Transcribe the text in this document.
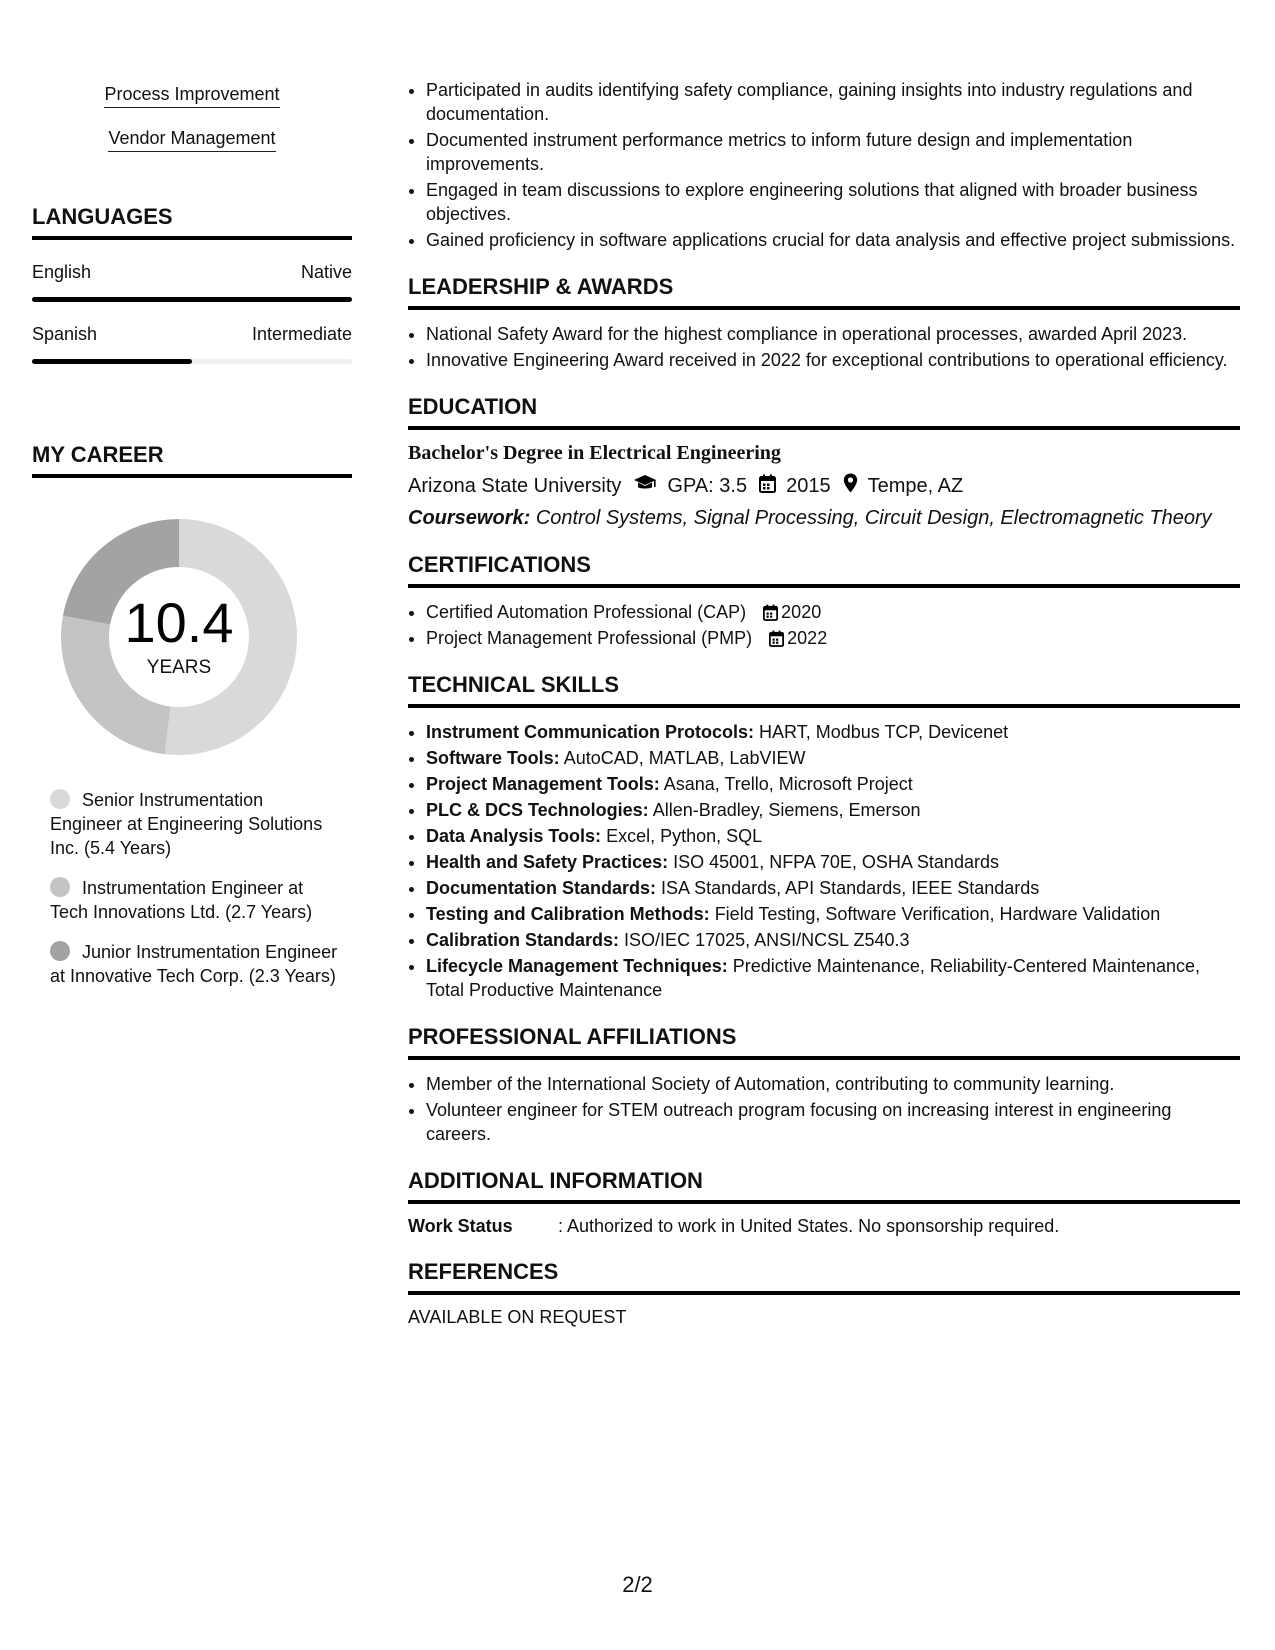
Process Improvement
Vendor Management
LANGUAGES
English	Native
Spanish	Intermediate
MY CAREER
10.4
YEARS
Senior Instrumentation Engineer at Engineering Solutions Inc. (5.4 Years)
Instrumentation Engineer at Tech Innovations Ltd. (2.7 Years)
Junior Instrumentation Engineer at Innovative Tech Corp. (2.3 Years)
• Participated in audits identifying safety compliance, gaining insights into industry regulations and documentation.
• Documented instrument performance metrics to inform future design and implementation improvements.
• Engaged in team discussions to explore engineering solutions that aligned with broader business objectives.
• Gained proficiency in software applications crucial for data analysis and effective project submissions.
LEADERSHIP & AWARDS
• National Safety Award for the highest compliance in operational processes, awarded April 2023.
• Innovative Engineering Award received in 2022 for exceptional contributions to operational efficiency.
EDUCATION
Bachelor's Degree in Electrical Engineering
Arizona State University GPA: 3.5 2015 Tempe, AZ
Coursework: Control Systems, Signal Processing, Circuit Design, Electromagnetic Theory
CERTIFICATIONS
• Certified Automation Professional (CAP) 2020
• Project Management Professional (PMP) 2022
TECHNICAL SKILLS
• Instrument Communication Protocols: HART, Modbus TCP, Devicenet
• Software Tools: AutoCAD, MATLAB, LabVIEW
• Project Management Tools: Asana, Trello, Microsoft Project
• PLC & DCS Technologies: Allen-Bradley, Siemens, Emerson
• Data Analysis Tools: Excel, Python, SQL
• Health and Safety Practices: ISO 45001, NFPA 70E, OSHA Standards
• Documentation Standards: ISA Standards, API Standards, IEEE Standards
• Testing and Calibration Methods: Field Testing, Software Verification, Hardware Validation
• Calibration Standards: ISO/IEC 17025, ANSI/NCSL Z540.3
• Lifecycle Management Techniques: Predictive Maintenance, Reliability-Centered Maintenance, Total Productive Maintenance
PROFESSIONAL AFFILIATIONS
• Member of the International Society of Automation, contributing to community learning.
• Volunteer engineer for STEM outreach program focusing on increasing interest in engineering careers.
ADDITIONAL INFORMATION
Work Status	: Authorized to work in United States. No sponsorship required.
REFERENCES
AVAILABLE ON REQUEST
2/2
